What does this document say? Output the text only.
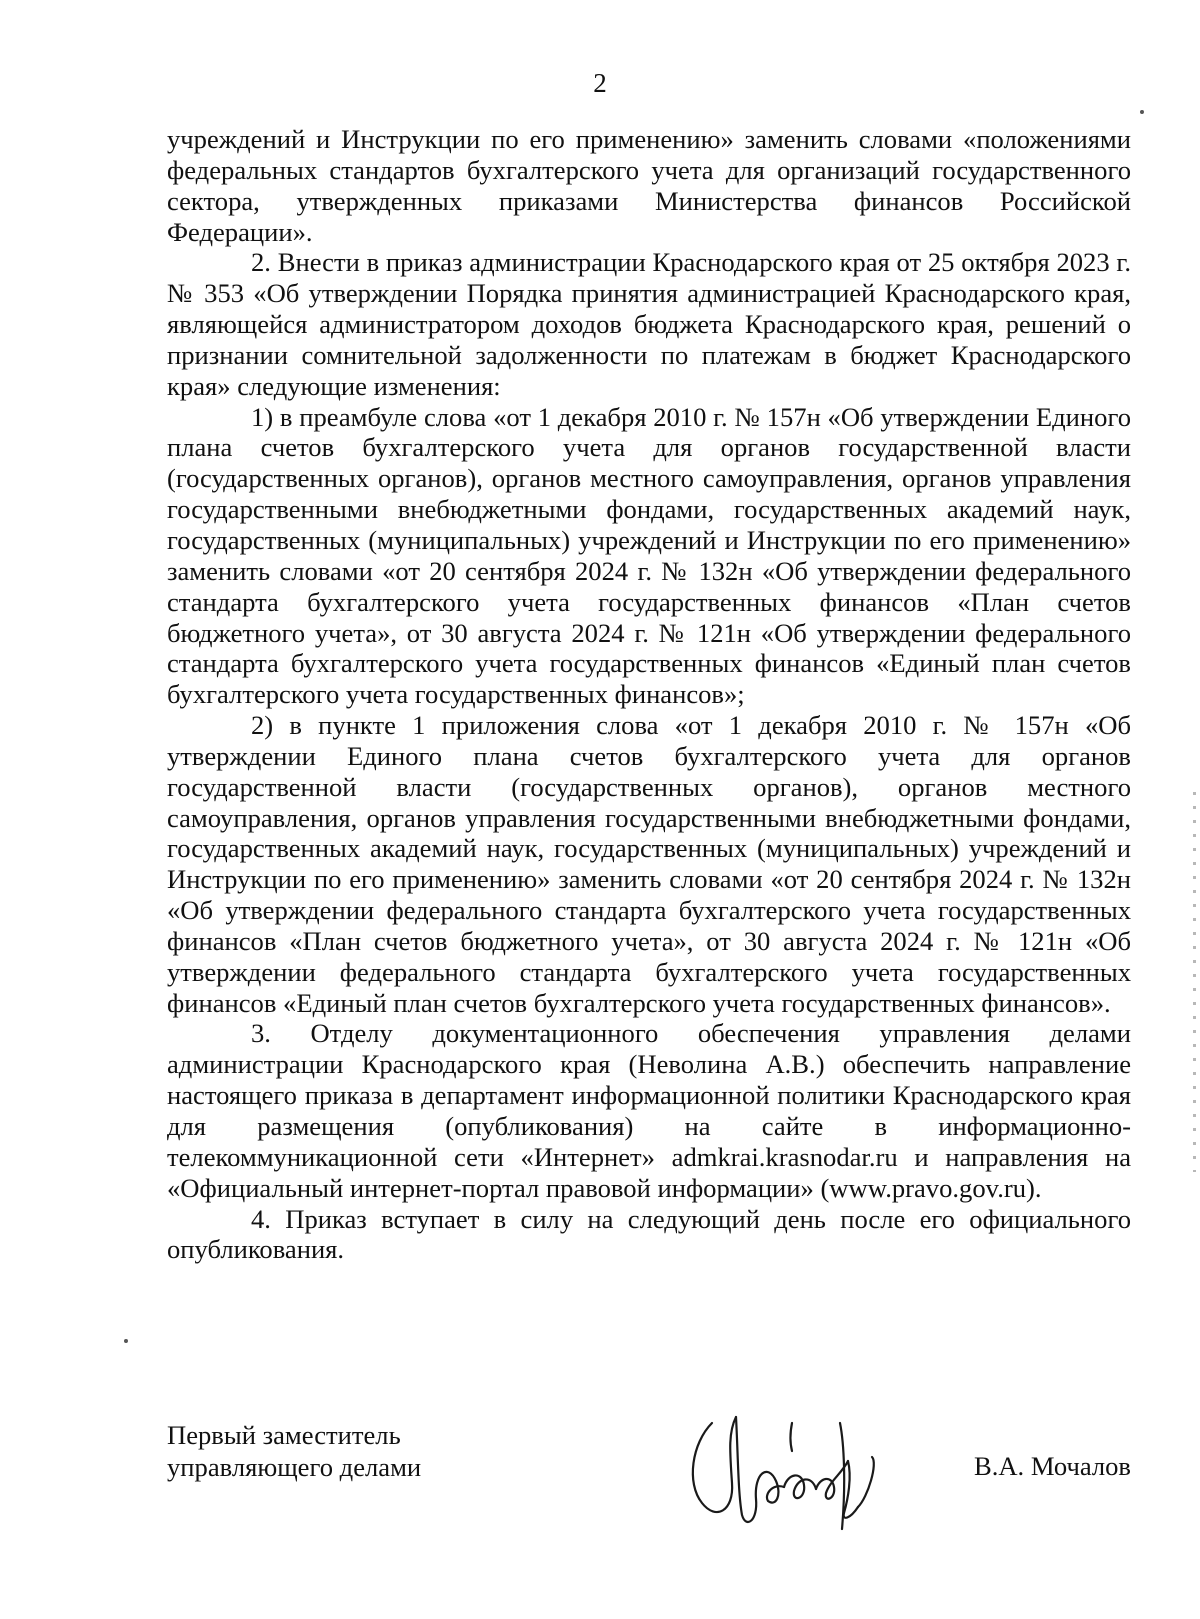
2

учреждений и Инструкции по его применению» заменить словами «положениями федеральных стандартов бухгалтерского учета для организаций государственного сектора, утвержденных приказами Министерства финансов Российской Федерации».

2. Внести в приказ администрации Краснодарского края от 25 октября 2023 г. № 353 «Об утверждении Порядка принятия администрацией Краснодарского края, являющейся администратором доходов бюджета Краснодарского края, решений о признании сомнительной задолженности по платежам в бюджет Краснодарского края» следующие изменения:

1) в преамбуле слова «от 1 декабря 2010 г. № 157н «Об утверждении Единого плана счетов бухгалтерского учета для органов государственной власти (государственных органов), органов местного самоуправления, органов управления государственными внебюджетными фондами, государственных академий наук, государственных (муниципальных) учреждений и Инструкции по его применению» заменить словами «от 20 сентября 2024 г. № 132н «Об утверждении федерального стандарта бухгалтерского учета государственных финансов «План счетов бюджетного учета», от 30 августа 2024 г. № 121н «Об утверждении федерального стандарта бухгалтерского учета государственных финансов «Единый план счетов бухгалтерского учета государственных финансов»;

2) в пункте 1 приложения слова «от 1 декабря 2010 г. № 157н «Об утверждении Единого плана счетов бухгалтерского учета для органов государственной власти (государственных органов), органов местного самоуправления, органов управления государственными внебюджетными фондами, государственных академий наук, государственных (муниципальных) учреждений и Инструкции по его применению» заменить словами «от 20 сентября 2024 г. № 132н «Об утверждении федерального стандарта бухгалтерского учета государственных финансов «План счетов бюджетного учета», от 30 августа 2024 г. № 121н «Об утверждении федерального стандарта бухгалтерского учета государственных финансов «Единый план счетов бухгалтерского учета государственных финансов».

3. Отделу документационного обеспечения управления делами администрации Краснодарского края (Неволина А.В.) обеспечить направление настоящего приказа в департамент информационной политики Краснодарского края для размещения (опубликования) на сайте в информационно-телекоммуникационной сети «Интернет» admkrai.krasnodar.ru и направления на «Официальный интернет-портал правовой информации» (www.pravo.gov.ru).

4. Приказ вступает в силу на следующий день после его официального опубликования.

Первый заместитель
управляющего делами	В.А. Мочалов
